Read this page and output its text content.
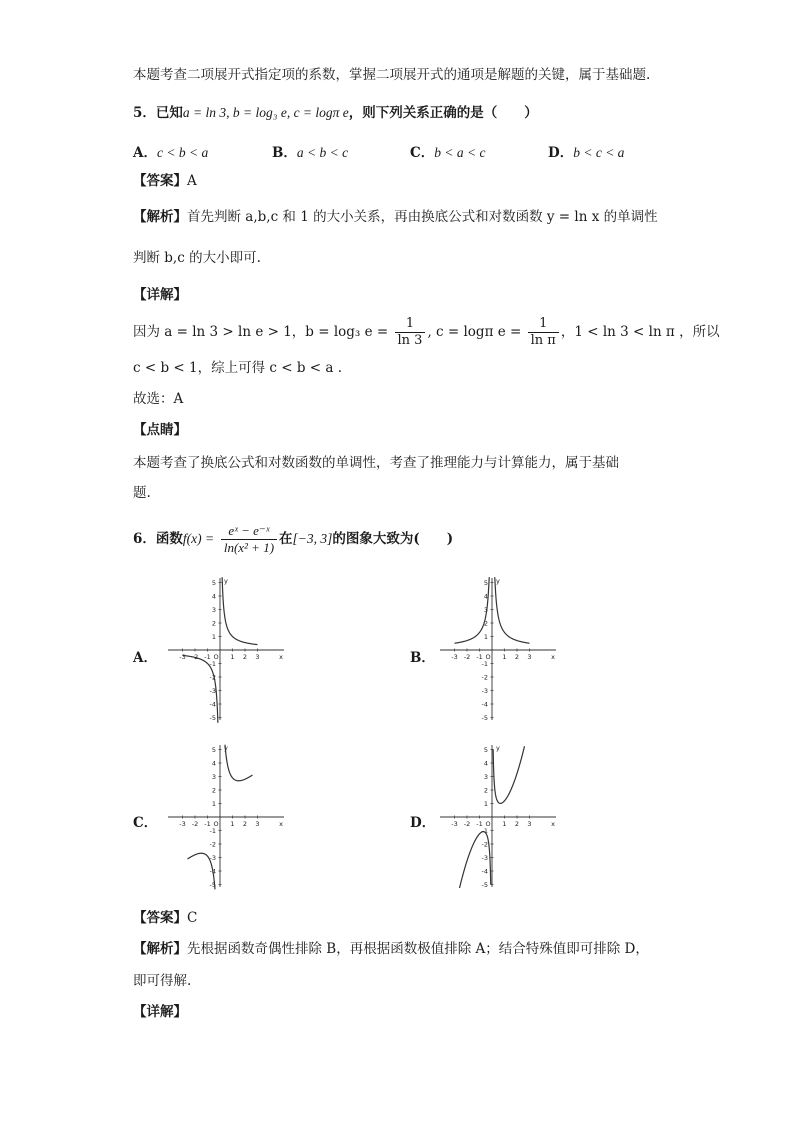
本题考查二项展开式指定项的系数，掌握二项展开式的通项是解题的关键，属于基础题.
5．已知a = ln 3, b = log₃ e, c = logπ e，则下列关系正确的是（　　）
A．c < b < a	B．a < b < c	C．b < a < c	D．b < c < a
【答案】A
【解析】首先判断 a,b,c 和 1 的大小关系，再由换底公式和对数函数 y = ln x 的单调性
判断 b,c 的大小即可.
【详解】
因为 a = ln 3 > ln e > 1，b = log₃ $e = \frac{1}{\ln 3}$ , c = logπ $e = \frac{1}{\text{ln π}}$ ，1 < ln 3 < ln π ，所以
c < b < 1，综上可得 c < b < a .
故选：A
【点睛】
本题考查了换底公式和对数函数的单调性，考查了推理能力与计算能力，属于基础
题.
6．函数$f(x) = \frac{\text{eˣ − e⁻ˣ}}{\text{ln(x² + 1)}}$ 在[−3, 3]的图象大致为(　　)
A．	B．
C．	D．
-3 -2 -1	1 2 3
O	x
y
5
4
3
2
1
-1
-2
-3
-4
-5
-3 -2 -1	1 2 3
O	x
y
5
4
3
2
1
-1
-2
-3
-4
-5
-3 -2 -1	1 2 3
O	x
y
5
4
3
2
1
-1
-2
-3
-4
-5
-3 -2 -1	1 2 3
O	x
y
5
4
3
2
1
-1
-2
-3
-4
-5
【答案】C
【解析】先根据函数奇偶性排除 B，再根据函数极值排除 A；结合特殊值即可排除 D，
即可得解.
【详解】
